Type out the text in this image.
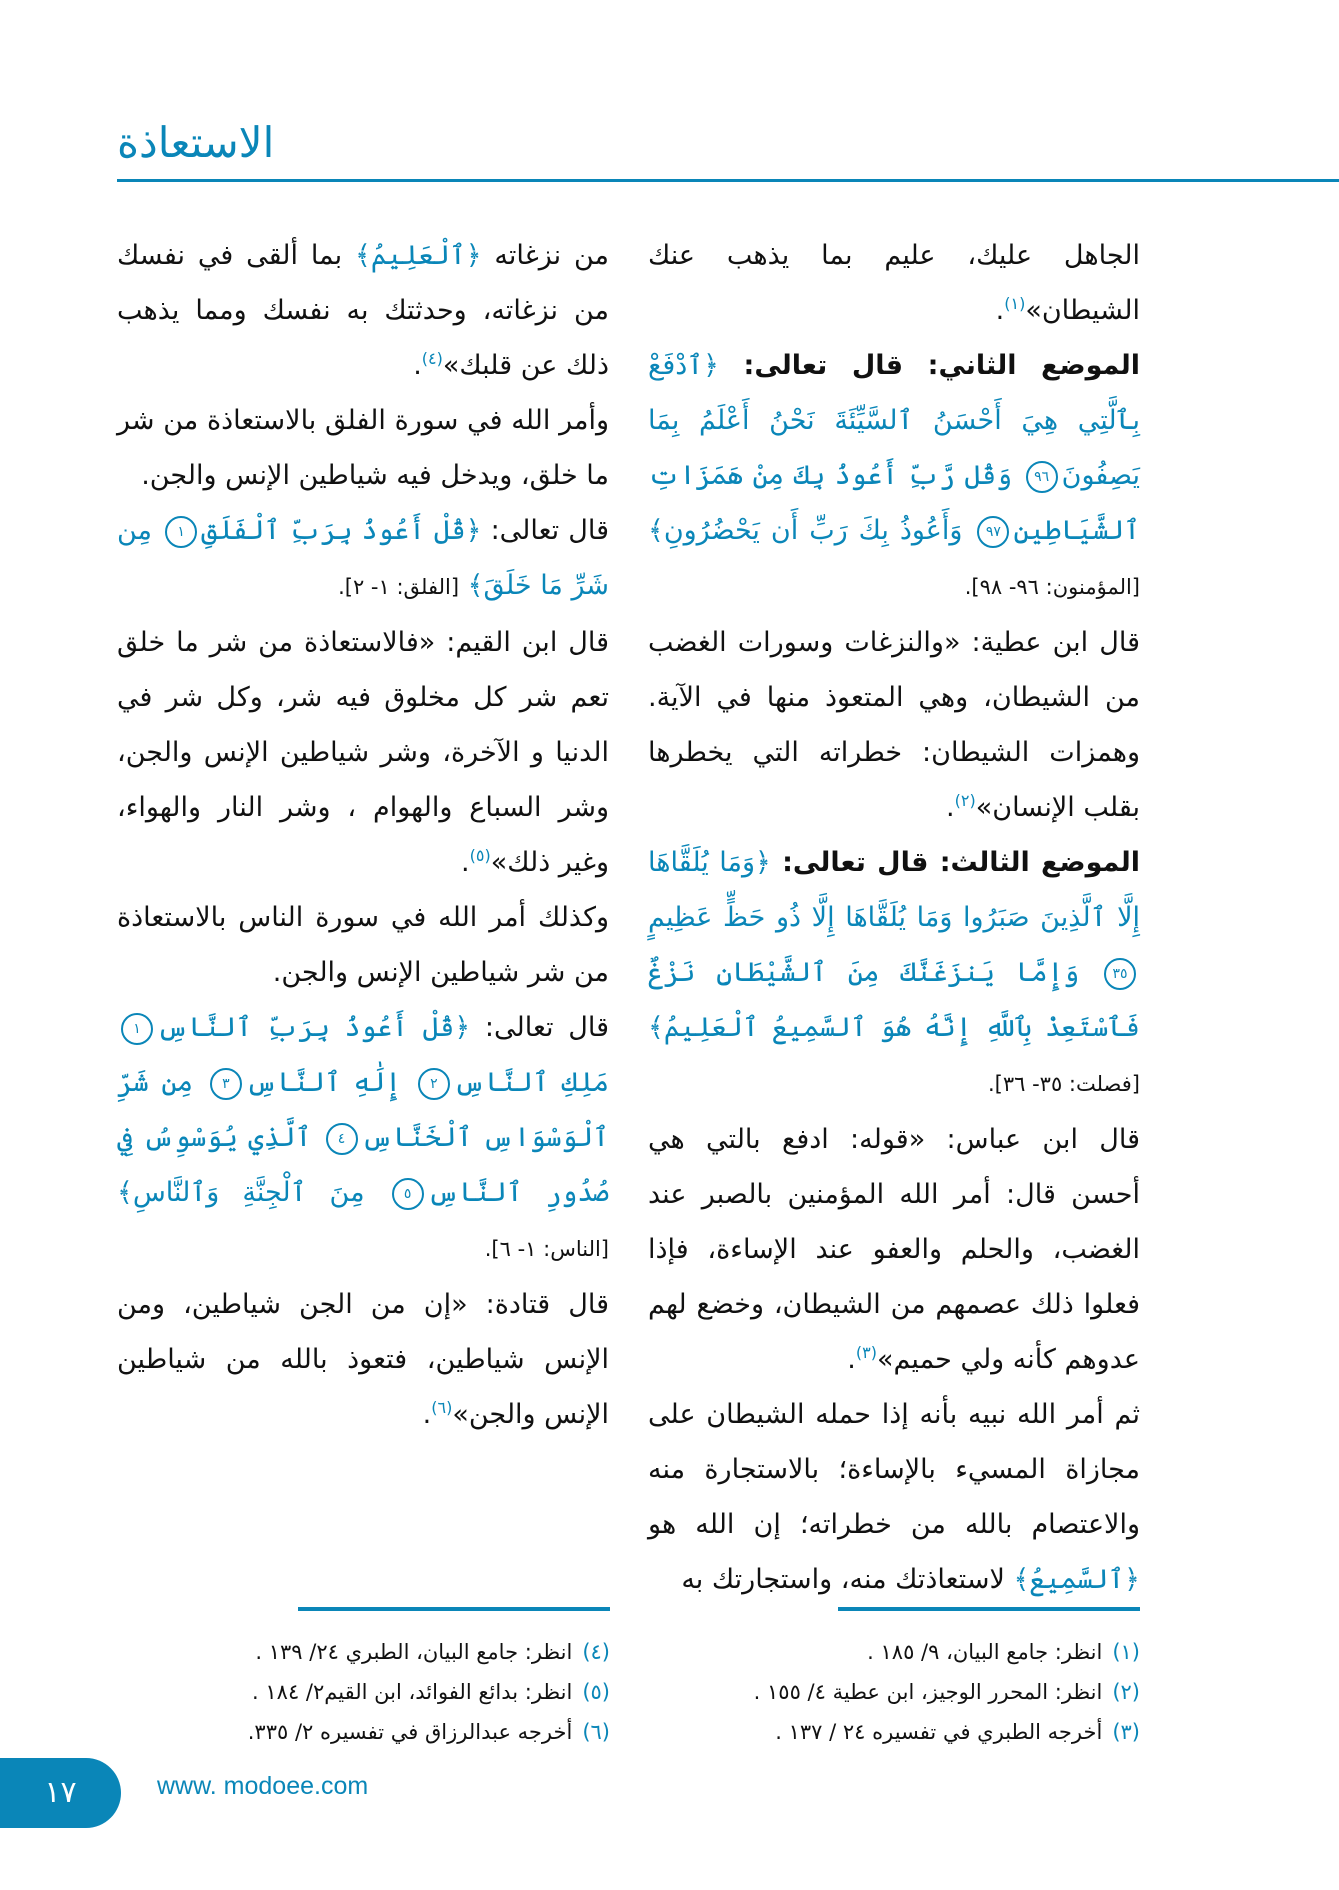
الاستعاذة

الجاهل عليك، عليم بما يذهب عنك الشيطان»$^{(١)}$.

الموضع الثاني: قال تعالى: ﴿ٱدْفَعْ بِٱلَّتِي هِيَ أَحْسَنُ ٱلسَّيِّئَةَ نَحْنُ أَعْلَمُ بِمَا يَصِفُونَ٩٦ وَقُل رَّبِّ أَعُوذُ بِكَ مِنْ هَمَزَاتِ ٱلشَّيَاطِينِ٩٧ وَأَعُوذُ بِكَ رَبِّ أَن يَحْضُرُونِ﴾ [المؤمنون: ٩٦- ٩٨].

قال ابن عطية: «والنزغات وسورات الغضب من الشيطان، وهي المتعوذ منها في الآية. وهمزات الشيطان: خطراته التي يخطرها بقلب الإنسان»$^{(٢)}$.

الموضع الثالث: قال تعالى: ﴿وَمَا يُلَقَّاهَا إِلَّا ٱلَّذِينَ صَبَرُوا وَمَا يُلَقَّاهَا إِلَّا ذُو حَظٍّ عَظِيمٍ٣٥ وَإِمَّا يَنزَغَنَّكَ مِنَ ٱلشَّيْطَانِ نَزْغٌ فَٱسْتَعِذْ بِٱللَّهِ إِنَّهُ هُوَ ٱلسَّمِيعُ ٱلْعَلِيمُ﴾ [فصلت: ٣٥- ٣٦].

قال ابن عباس: «قوله: ادفع بالتي هي أحسن قال: أمر الله المؤمنين بالصبر عند الغضب، والحلم والعفو عند الإساءة، فإذا فعلوا ذلك عصمهم من الشيطان، وخضع لهم عدوهم كأنه ولي حميم»$^{(٣)}$.

ثم أمر الله نبيه بأنه إذا حمله الشيطان على مجازاة المسيء بالإساءة؛ بالاستجارة منه والاعتصام بالله من خطراته؛ إن الله هو ﴿ٱلسَّمِيعُ﴾ لاستعاذتك منه، واستجارتك به

من نزغاته ﴿ٱلْعَلِيمُ﴾ بما ألقى في نفسك من نزغاته، وحدثتك به نفسك ومما يذهب ذلك عن قلبك»$^{(٤)}$.

وأمر الله في سورة الفلق بالاستعاذة من شر ما خلق، ويدخل فيه شياطين الإنس والجن.

قال تعالى: ﴿قُلْ أَعُوذُ بِرَبِّ ٱلْفَلَقِ١ مِن شَرِّ مَا خَلَقَ﴾ [الفلق: ١- ٢].

قال ابن القيم: «فالاستعاذة من شر ما خلق تعم شر كل مخلوق فيه شر، وكل شر في الدنيا و الآخرة، وشر شياطين الإنس والجن، وشر السباع والهوام ، وشر النار والهواء، وغير ذلك»$^{(٥)}$.

وكذلك أمر الله في سورة الناس بالاستعاذة من شر شياطين الإنس والجن.

قال تعالى: ﴿قُلْ أَعُوذُ بِرَبِّ ٱلنَّاسِ١ مَلِكِ ٱلنَّاسِ٢ إِلَٰهِ ٱلنَّاسِ٣ مِن شَرِّ ٱلْوَسْوَاسِ ٱلْخَنَّاسِ٤ ٱلَّذِي يُوَسْوِسُ فِي صُدُورِ ٱلنَّاسِ٥ مِنَ ٱلْجِنَّةِ وَٱلنَّاسِ﴾ [الناس: ١- ٦].

قال قتادة: «إن من الجن شياطين، ومن الإنس شياطين، فتعوذ بالله من شياطين الإنس والجن»$^{(٦)}$.

(١)انظر: جامع البيان، ٩/ ١٨٥ .
(٢)انظر: المحرر الوجيز، ابن عطية ٤/ ١٥٥ .
(٣)أخرجه الطبري في تفسيره ٢٤ / ١٣٧ .
(٤)انظر: جامع البيان، الطبري ٢٤/ ١٣٩ .
(٥)انظر: بدائع الفوائد، ابن القيم٢/ ١٨٤ .
(٦)أخرجه عبدالرزاق في تفسيره ٢/ ٣٣٥.
١٧	www. modoee.com
